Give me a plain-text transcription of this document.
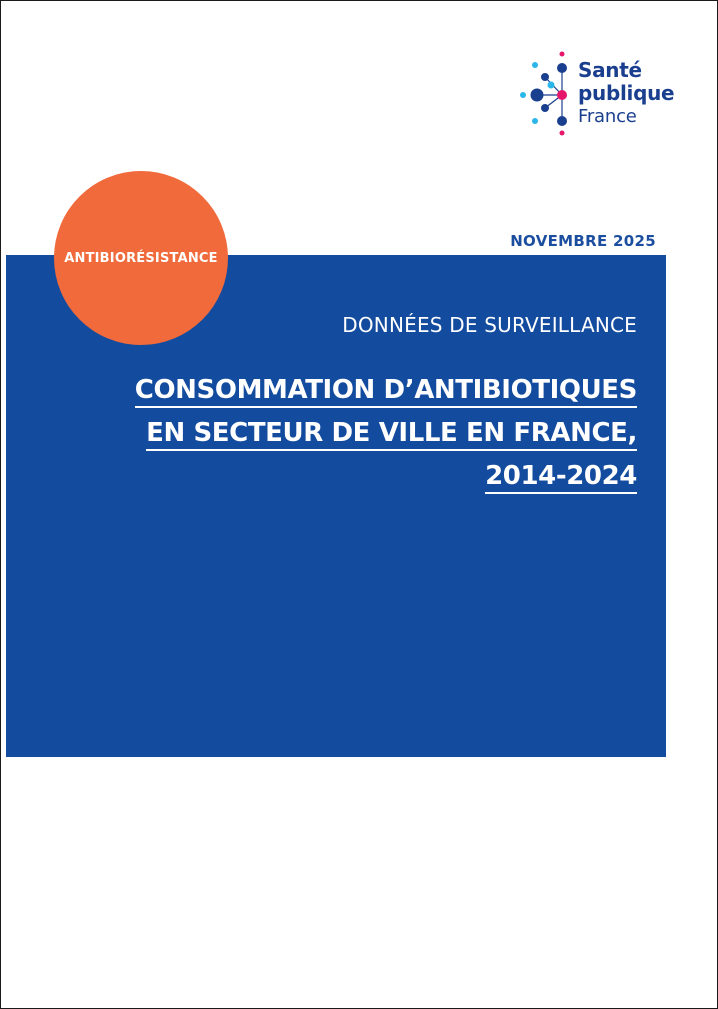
Santé
publique
France
NOVEMBRE 2025
ANTIBIORÉSISTANCE
DONNÉES DE SURVEILLANCE
CONSOMMATION D’ANTIBIOTIQUES
EN SECTEUR DE VILLE EN FRANCE,
2014-2024
